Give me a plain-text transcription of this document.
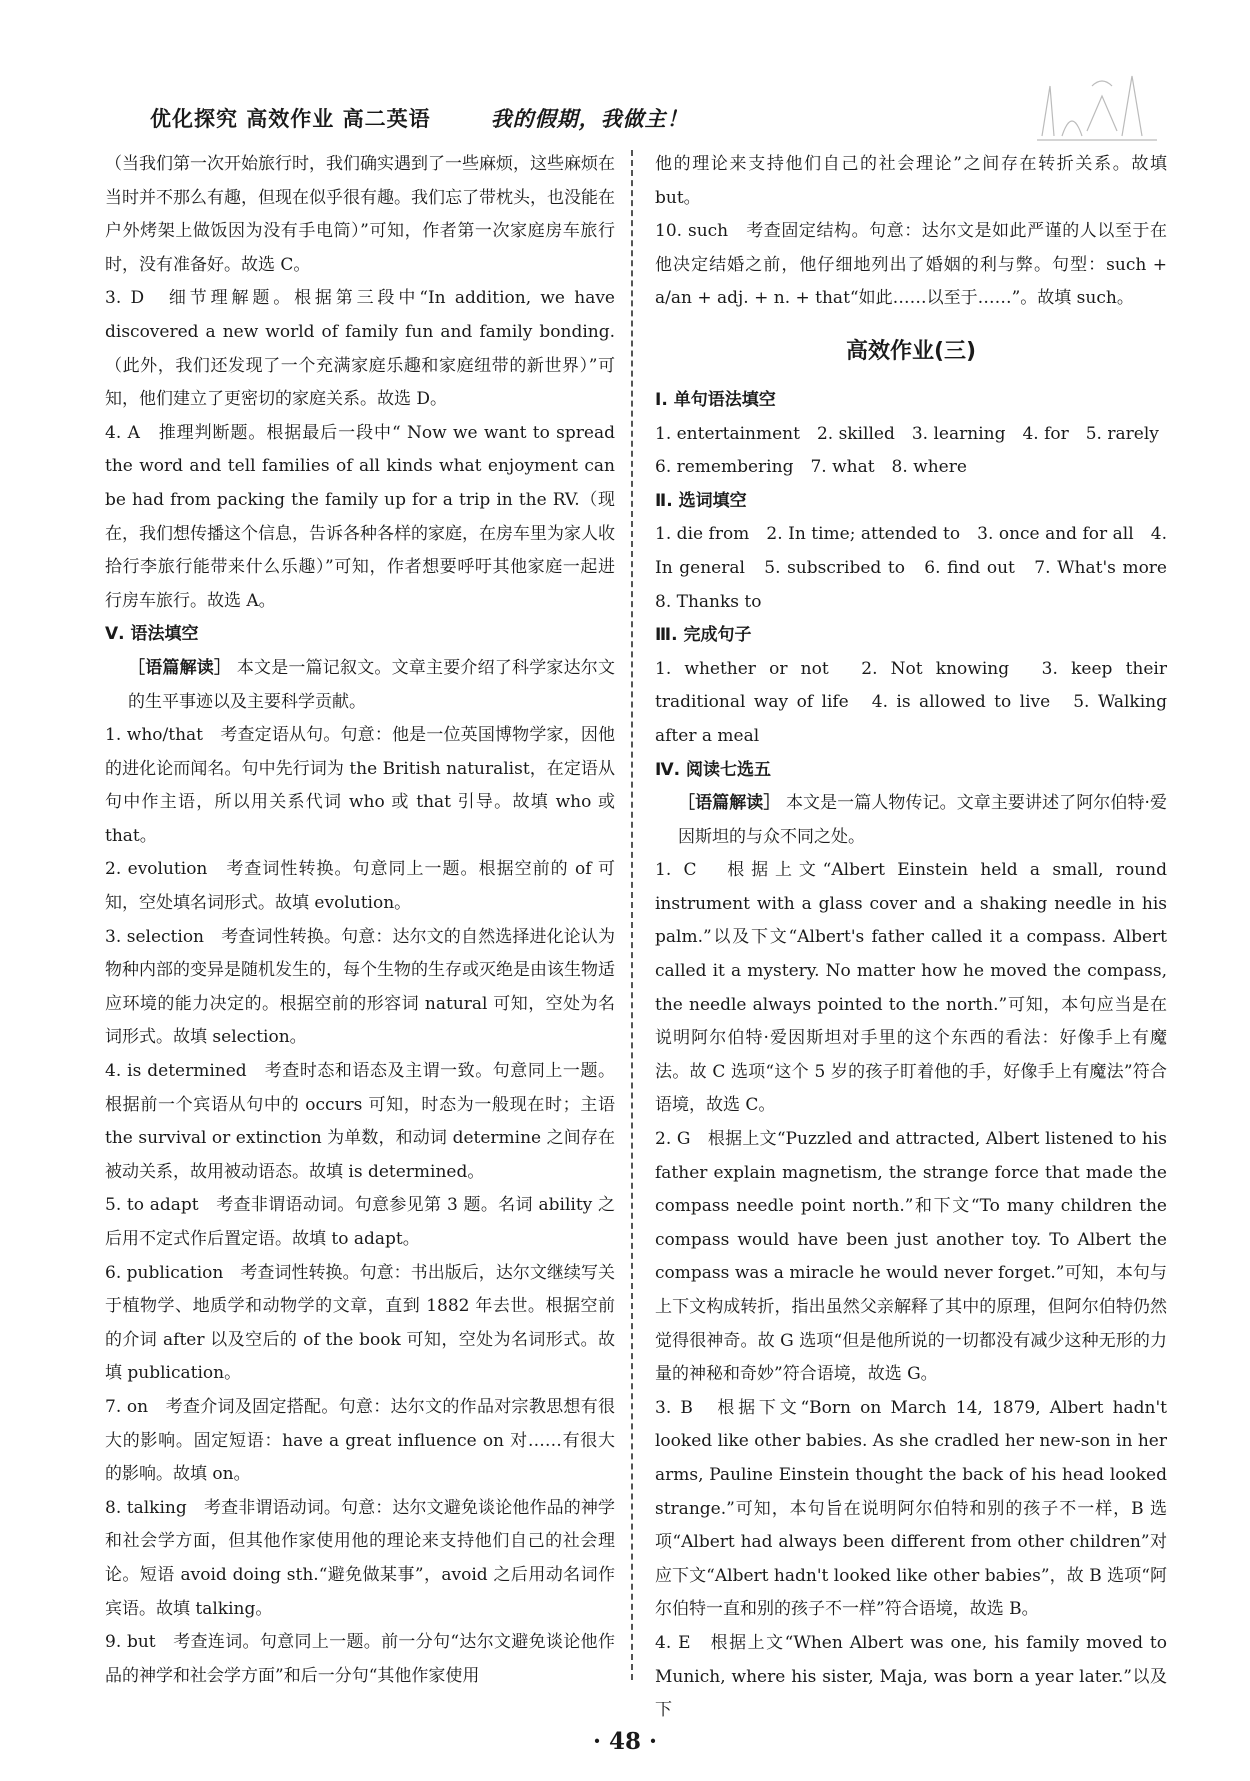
优化探究 高效作业 高二英语	我的假期，我做主！

（当我们第一次开始旅行时，我们确实遇到了一些麻烦，这些麻烦在当时并不那么有趣，但现在似乎很有趣。我们忘了带枕头，也没能在户外烤架上做饭因为没有手电筒）”可知，作者第一次家庭房车旅行时，没有准备好。故选 C。

3. D　细节理解题。根据第三段中“In addition, we have discovered a new world of family fun and family bonding.（此外，我们还发现了一个充满家庭乐趣和家庭纽带的新世界）”可知，他们建立了更密切的家庭关系。故选 D。

4. A　推理判断题。根据最后一段中“ Now we want to spread the word and tell families of all kinds what enjoyment can be had from packing the family up for a trip in the RV.（现在，我们想传播这个信息，告诉各种各样的家庭，在房车里为家人收拾行李旅行能带来什么乐趣）”可知，作者想要呼吁其他家庭一起进行房车旅行。故选 A。

Ⅴ. 语法填空

［语篇解读］ 本文是一篇记叙文。文章主要介绍了科学家达尔文的生平事迹以及主要科学贡献。

1. who/that　考查定语从句。句意：他是一位英国博物学家，因他的进化论而闻名。句中先行词为 the British naturalist，在定语从句中作主语，所以用关系代词 who 或 that 引导。故填 who 或 that。

2. evolution　考查词性转换。句意同上一题。根据空前的 of 可知，空处填名词形式。故填 evolution。

3. selection　考查词性转换。句意：达尔文的自然选择进化论认为物种内部的变异是随机发生的，每个生物的生存或灭绝是由该生物适应环境的能力决定的。根据空前的形容词 natural 可知，空处为名词形式。故填 selection。

4. is determined　考查时态和语态及主谓一致。句意同上一题。根据前一个宾语从句中的 occurs 可知，时态为一般现在时；主语 the survival or extinction 为单数，和动词 determine 之间存在被动关系，故用被动语态。故填 is determined。

5. to adapt　考查非谓语动词。句意参见第 3 题。名词 ability 之后用不定式作后置定语。故填 to adapt。

6. publication　考查词性转换。句意：书出版后，达尔文继续写关于植物学、地质学和动物学的文章，直到 1882 年去世。根据空前的介词 after 以及空后的 of the book 可知，空处为名词形式。故填 publication。

7. on　考查介词及固定搭配。句意：达尔文的作品对宗教思想有很大的影响。固定短语：have a great influence on 对……有很大的影响。故填 on。

8. talking　考查非谓语动词。句意：达尔文避免谈论他作品的神学和社会学方面，但其他作家使用他的理论来支持他们自己的社会理论。短语 avoid doing sth.“避免做某事”，avoid 之后用动名词作宾语。故填 talking。

9. but　考查连词。句意同上一题。前一分句“达尔文避免谈论他作品的神学和社会学方面”和后一分句“其他作家使用

他的理论来支持他们自己的社会理论”之间存在转折关系。故填 but。

10. such　考查固定结构。句意：达尔文是如此严谨的人以至于在他决定结婚之前，他仔细地列出了婚姻的利与弊。句型：such + a/an + adj. + n. + that“如此……以至于……”。故填 such。

高效作业(三)

Ⅰ. 单句语法填空

1. entertainment　2. skilled　3. learning　4. for　5. rarely

6. remembering　7. what　8. where

Ⅱ. 选词填空

1. die from　2. In time; attended to　3. once and for all　4. In general　5. subscribed to　6. find out　7. What's more　8. Thanks to

Ⅲ. 完成句子

1. whether or not　2. Not knowing　3. keep their traditional way of life　4. is allowed to live　5. Walking after a meal

Ⅳ. 阅读七选五

［语篇解读］ 本文是一篇人物传记。文章主要讲述了阿尔伯特·爱因斯坦的与众不同之处。

1. C　根据上文“Albert Einstein held a small, round instrument with a glass cover and a shaking needle in his palm.”以及下文“Albert's father called it a compass. Albert called it a mystery. No matter how he moved the compass, the needle always pointed to the north.”可知，本句应当是在说明阿尔伯特·爱因斯坦对手里的这个东西的看法：好像手上有魔法。故 C 选项“这个 5 岁的孩子盯着他的手，好像手上有魔法”符合语境，故选 C。

2. G　根据上文“Puzzled and attracted, Albert listened to his father explain magnetism, the strange force that made the compass needle point north.”和下文“To many children the compass would have been just another toy. To Albert the compass was a miracle he would never forget.”可知，本句与上下文构成转折，指出虽然父亲解释了其中的原理，但阿尔伯特仍然觉得很神奇。故 G 选项“但是他所说的一切都没有减少这种无形的力量的神秘和奇妙”符合语境，故选 G。

3. B　根据下文“Born on March 14, 1879, Albert hadn't looked like other babies. As she cradled her new-son in her arms, Pauline Einstein thought the back of his head looked strange.”可知，本句旨在说明阿尔伯特和别的孩子不一样，B 选项“Albert had always been different from other children”对应下文“Albert hadn't looked like other babies”，故 B 选项“阿尔伯特一直和别的孩子不一样”符合语境，故选 B。

4. E　根据上文“When Albert was one, his family moved to Munich, where his sister, Maja, was born a year later.”以及下

· 48 ·
